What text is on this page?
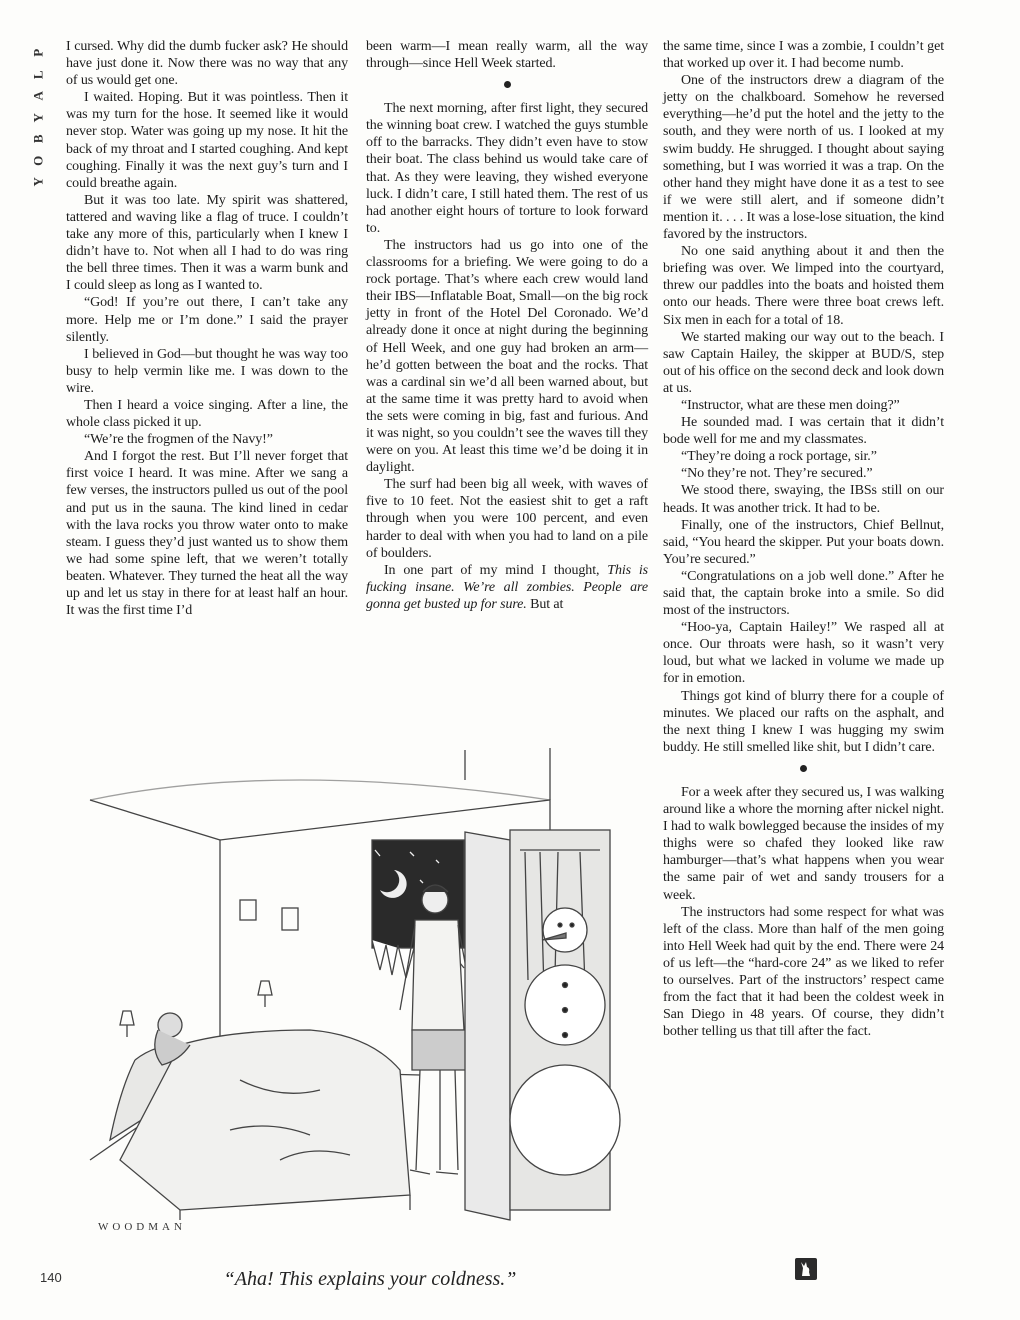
P
L
A
Y
B
O
Y

I cursed. Why did the dumb fucker ask? He should have just done it. Now there was no way that any of us would get one.

I waited. Hoping. But it was pointless. Then it was my turn for the hose. It seemed like it would never stop. Water was going up my nose. It hit the back of my throat and I started coughing. And kept coughing. Finally it was the next guy’s turn and I could breathe again.

But it was too late. My spirit was shattered, tattered and waving like a flag of truce. I couldn’t take any more of this, particularly when I knew I didn’t have to. Not when all I had to do was ring the bell three times. Then it was a warm bunk and I could sleep as long as I wanted to.

“God! If you’re out there, I can’t take any more. Help me or I’m done.” I said the prayer silently.

I believed in God—but thought he was way too busy to help vermin like me. I was down to the wire.

Then I heard a voice singing. After a line, the whole class picked it up.

“We’re the frogmen of the Navy!”

And I forgot the rest. But I’ll never forget that first voice I heard. It was mine. After we sang a few verses, the instructors pulled us out of the pool and put us in the sauna. The kind lined in cedar with the lava rocks you throw water onto to make steam. I guess they’d just wanted us to show them we had some spine left, that we weren’t totally beaten. Whatever. They turned the heat all the way up and let us stay in there for at least half an hour. It was the first time I’d

been warm—I mean really warm, all the way through—since Hell Week started.

The next morning, after first light, they secured the winning boat crew. I watched the guys stumble off to the barracks. They didn’t even have to stow their boat. The class behind us would take care of that. As they were leaving, they wished everyone luck. I didn’t care, I still hated them. The rest of us had another eight hours of torture to look forward to.

The instructors had us go into one of the classrooms for a briefing. We were going to do a rock portage. That’s where each crew would land their IBS—Inflatable Boat, Small—on the big rock jetty in front of the Hotel Del Coronado. We’d already done it once at night during the beginning of Hell Week, and one guy had broken an arm—he’d gotten between the boat and the rocks. That was a cardinal sin we’d all been warned about, but at the same time it was pretty hard to avoid when the sets were coming in big, fast and furious. And it was night, so you couldn’t see the waves till they were on you. At least this time we’d be doing it in daylight.

The surf had been big all week, with waves of five to 10 feet. Not the easiest shit to get a raft through when you were 100 percent, and even harder to deal with when you had to land on a pile of boulders.

In one part of my mind I thought, This is fucking insane. We’re all zombies. People are gonna get busted up for sure. But at

the same time, since I was a zombie, I couldn’t get that worked up over it. I had become numb.

One of the instructors drew a diagram of the jetty on the chalkboard. Somehow he reversed everything—he’d put the hotel and the jetty to the south, and they were north of us. I looked at my swim buddy. He shrugged. I thought about saying something, but I was worried it was a trap. On the other hand they might have done it as a test to see if we were still alert, and if someone didn’t mention it. . . . It was a lose-lose situation, the kind favored by the instructors.

No one said anything about it and then the briefing was over. We limped into the courtyard, threw our paddles into the boats and hoisted them onto our heads. There were three boat crews left. Six men in each for a total of 18.

We started making our way out to the beach. I saw Captain Hailey, the skipper at BUD/S, step out of his office on the second deck and look down at us.

“Instructor, what are these men doing?”

He sounded mad. I was certain that it didn’t bode well for me and my classmates.

“They’re doing a rock portage, sir.”

“No they’re not. They’re secured.”

We stood there, swaying, the IBSs still on our heads. It was another trick. It had to be.

Finally, one of the instructors, Chief Bellnut, said, “You heard the skipper. Put your boats down. You’re secured.”

“Congratulations on a job well done.” After he said that, the captain broke into a smile. So did most of the instructors.

“Hoo-ya, Captain Hailey!” We rasped all at once. Our throats were hash, so it wasn’t very loud, but what we lacked in volume we made up for in emotion.

Things got kind of blurry there for a couple of minutes. We placed our rafts on the asphalt, and the next thing I knew I was hugging my swim buddy. He still smelled like shit, but I didn’t care.

For a week after they secured us, I was walking around like a whore the morning after nickel night. I had to walk bowlegged because the insides of my thighs were so chafed they looked like raw hamburger—that’s what happens when you wear the same pair of wet and sandy trousers for a week.

The instructors had some respect for what was left of the class. More than half of the men going into Hell Week had quit by the end. There were 24 of us left—the “hard-core 24” as we liked to refer to ourselves. Part of the instructors’ respect came from the fact that it had been the coldest week in San Diego in 48 years. Of course, they didn’t bother telling us that till after the fact.

WOODMAN
140	“Aha! This explains your coldness.”
